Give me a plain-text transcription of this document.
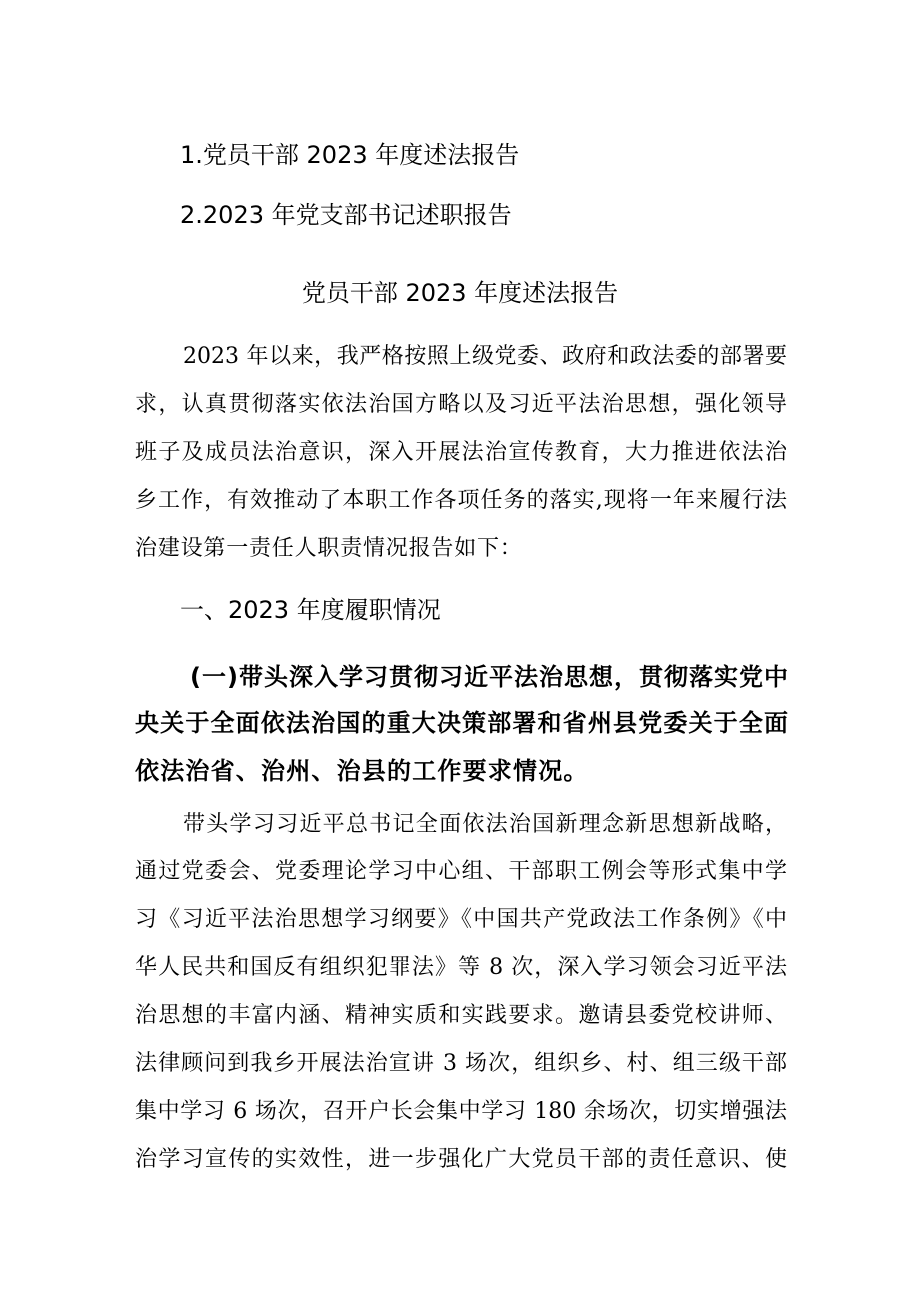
1.党员干部 2023 年度述法报告
2.2023 年党支部书记述职报告
党员干部 2023 年度述法报告
2023 年以来，我严格按照上级党委、政府和政法委的部署要
求，认真贯彻落实依法治国方略以及习近平法治思想，强化领导
班子及成员法治意识，深入开展法治宣传教育，大力推进依法治
乡工作，有效推动了本职工作各项任务的落实,现将一年来履行法
治建设第一责任人职责情况报告如下：
一、2023 年度履职情况
(一)带头深入学习贯彻习近平法治思想，贯彻落实党中
央关于全面依法治国的重大决策部署和省州县党委关于全面
依法治省、治州、治县的工作要求情况。
带头学习习近平总书记全面依法治国新理念新思想新战略，
通过党委会、党委理论学习中心组、干部职工例会等形式集中学
习《习近平法治思想学习纲要》《中国共产党政法工作条例》《中
华人民共和国反有组织犯罪法》等 8 次，深入学习领会习近平法
治思想的丰富内涵、精神实质和实践要求。邀请县委党校讲师、
法律顾问到我乡开展法治宣讲 3 场次，组织乡、村、组三级干部
集中学习 6 场次，召开户长会集中学习 180 余场次，切实增强法
治学习宣传的实效性，进一步强化广大党员干部的责任意识、使
